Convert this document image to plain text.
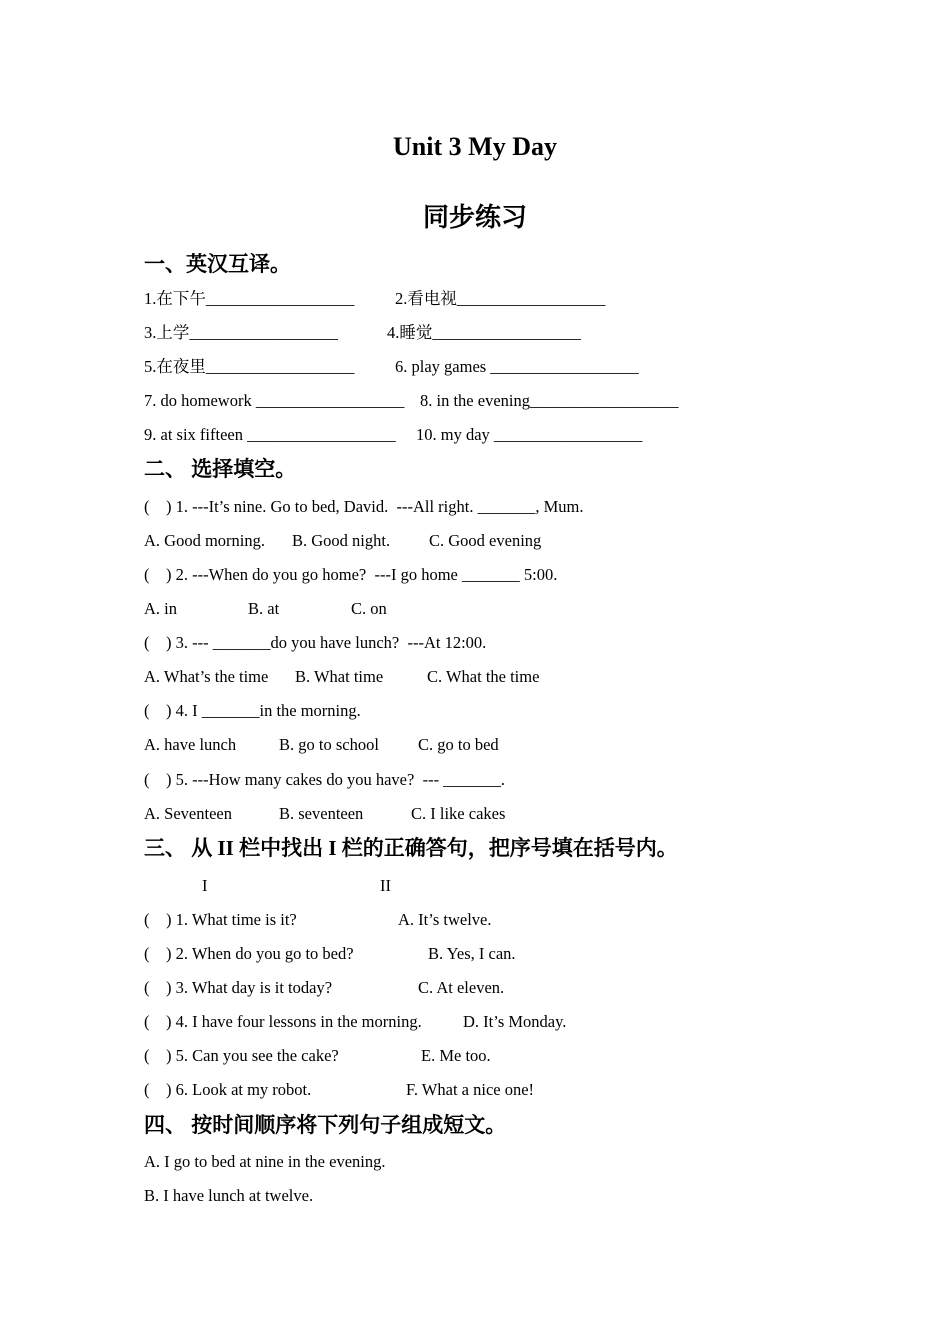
Unit 3 My Day
同步练习
一、英汉互译。
1.在下午__________________ 2.看电视__________________
3.上学__________________	4.睡觉__________________
5.在夜里__________________ 6. play games __________________
7. do homework __________________ 8. in the evening__________________
9. at six fifteen __________________ 10. my day __________________
二、 选择填空。
(    ) 1. ---It’s nine. Go to bed, David.  ---All right. _______, Mum.
A. Good morning. B. Good night. C. Good evening
(    ) 2. ---When do you go home?  ---I go home _______ 5:00.
A. in	B. at	C. on
(    ) 3. --- _______do you have lunch?  ---At 12:00.
A. What’s the time B. What time	C. What the time
(    ) 4. I _______in the morning.
A. have lunch	B. go to school C. go to bed
(    ) 5. ---How many cakes do you have?  --- _______.
A. Seventeen	B. seventeen	C. I like cakes
三、 从 II 栏中找出 I 栏的正确答句，把序号填在括号内。
I	II
(    ) 1. What time is it?	A. It’s twelve.
(    ) 2. When do you go to bed?	B. Yes, I can.
(    ) 3. What day is it today?	C. At eleven.
(    ) 4. I have four lessons in the morning.	D. It’s Monday.
(    ) 5. Can you see the cake?	E. Me too.
(    ) 6. Look at my robot.	F. What a nice one!
四、 按时间顺序将下列句子组成短文。
A. I go to bed at nine in the evening.
B. I have lunch at twelve.
